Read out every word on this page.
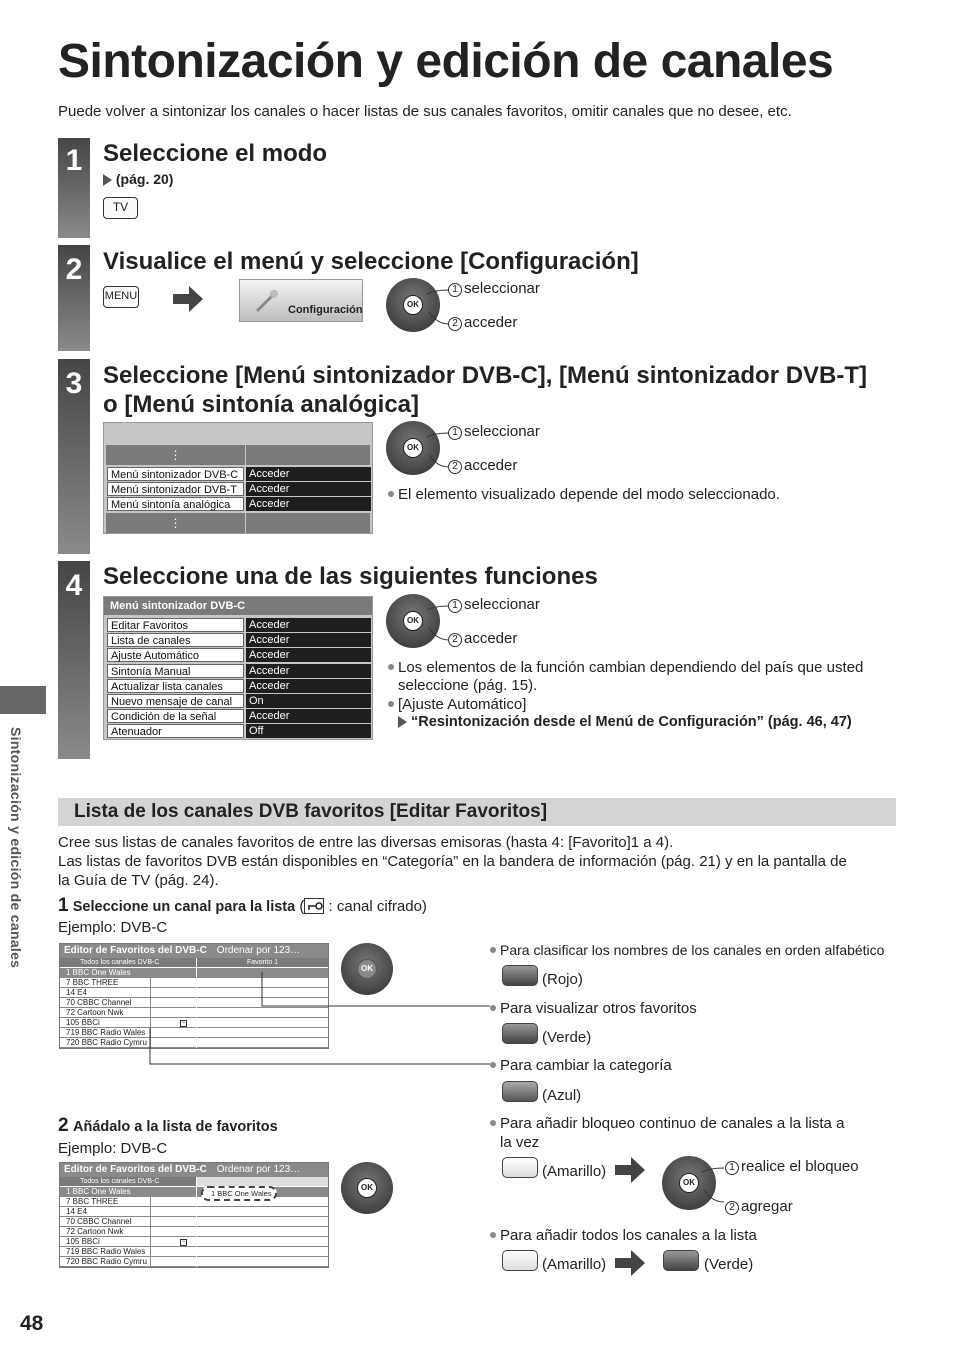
Sintonización y edición de canales
Puede volver a sintonizar los canales o hacer listas de sus canales favoritos, omitir canales que no desee, etc.
Sintonización y edición de canales
1 Seleccione el modo
(pág. 20)
TV
2 Visualice el menú y seleccione [Configuración]
MENU
Configuración	OK
1 seleccionar
2 acceder
3 Seleccione [Menú sintonizador DVB-C], [Menú sintonizador DVB-T]
o [Menú sintonía analógica]
⋮
Menú sintonizador DVB-C Acceder
Menú sintonizador DVB-T	Acceder
Menú sintonía analógica	Acceder
⋮
OK
1 seleccionar
2 acceder
El elemento visualizado depende del modo seleccionado.
4 Seleccione una de las siguientes funciones
Menú sintonizador DVB-C
Editar Favoritos	Acceder
Lista de canales	Acceder
Ajuste Automático	Acceder
Sintonía Manual	Acceder
Actualizar lista canales	Acceder
Nuevo mensaje de canal	On
Condición de la señal	Acceder
Atenuador	Off
OK
1 seleccionar
2 acceder
Los elementos de la función cambian dependiendo del país que usted
seleccione (pág. 15).
[Ajuste Automático]
“Resintonización desde el Menú de Configuración” (pág. 46, 47)
Lista de los canales DVB favoritos [Editar Favoritos]
Cree sus listas de canales favoritos de entre las diversas emisoras (hasta 4: [Favorito]1 a 4).
Las listas de favoritos DVB están disponibles en “Categoría” en la bandera de información (pág. 21) y en la pantalla de
la Guía de TV (pág. 24).
1 Seleccione un canal para la lista ( : canal cifrado)
Ejemplo: DVB-C
Editor de Favoritos del DVB-C Ordenar por 123…
Todos los canales DVB-C	Favorito 1
1 BBC One Wales
7 BBC THREE
14 E4
70 CBBC Channel
72 Cartoon Nwk
105 BBCi
719 BBC Radio Wales
720 BBC Radio Cymru
−
OK
Para clasificar los nombres de los canales en orden alfabético
(Rojo)
Para visualizar otros favoritos
(Verde)
Para cambiar la categoría
(Azul)
Para añadir bloqueo continuo de canales a la lista a
la vez
(Amarillo)
OK
1 realice el bloqueo
2 agregar
Para añadir todos los canales a la lista
(Amarillo)	(Verde)
2 Añádalo a la lista de favoritos
Ejemplo: DVB-C
Editor de Favoritos del DVB-C Ordenar por 123…
Todos los canales DVB-C
1 BBC One Wales
7 BBC THREE
14 E4
70 CBBC Channel
72 Cartoon Nwk
105 BBCi
719 BBC Radio Wales
720 BBC Radio Cymru
−
1 BBC One Wales
OK
48
